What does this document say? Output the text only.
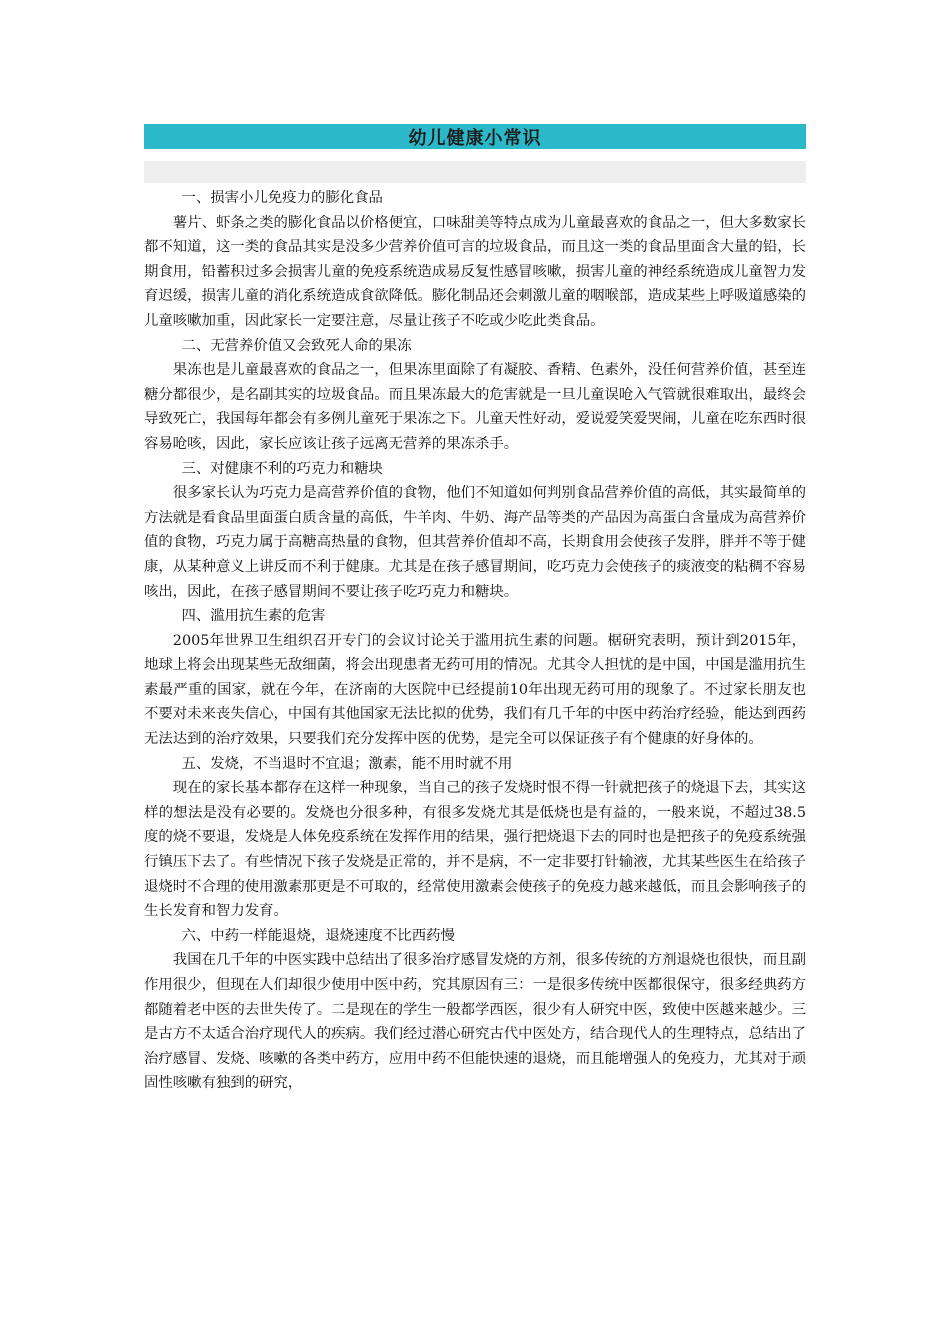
幼儿健康小常识

一、损害小儿免疫力的膨化食品

薯片、虾条之类的膨化食品以价格便宜，口味甜美等特点成为儿童最喜欢的食品之一，但大多数家长都不知道，这一类的食品其实是没多少营养价值可言的垃圾食品，而且这一类的食品里面含大量的铅，长期食用，铅蓄积过多会损害儿童的免疫系统造成易反复性感冒咳嗽，损害儿童的神经系统造成儿童智力发育迟缓，损害儿童的消化系统造成食欲降低。膨化制品还会刺激儿童的咽喉部，造成某些上呼吸道感染的儿童咳嗽加重，因此家长一定要注意，尽量让孩子不吃或少吃此类食品。

二、无营养价值又会致死人命的果冻

果冻也是儿童最喜欢的食品之一，但果冻里面除了有凝胶、香精、色素外，没任何营养价值，甚至连糖分都很少，是名副其实的垃圾食品。而且果冻最大的危害就是一旦儿童误呛入气管就很难取出，最终会导致死亡，我国每年都会有多例儿童死于果冻之下。儿童天性好动，爱说爱笑爱哭闹，儿童在吃东西时很容易呛咳，因此，家长应该让孩子远离无营养的果冻杀手。

三、对健康不利的巧克力和糖块

很多家长认为巧克力是高营养价值的食物，他们不知道如何判别食品营养价值的高低，其实最简单的方法就是看食品里面蛋白质含量的高低，牛羊肉、牛奶、海产品等类的产品因为高蛋白含量成为高营养价值的食物，巧克力属于高糖高热量的食物，但其营养价值却不高，长期食用会使孩子发胖，胖并不等于健康，从某种意义上讲反而不利于健康。尤其是在孩子感冒期间，吃巧克力会使孩子的痰液变的粘稠不容易咳出，因此，在孩子感冒期间不要让孩子吃巧克力和糖块。

四、滥用抗生素的危害

2005年世界卫生组织召开专门的会议讨论关于滥用抗生素的问题。椐研究表明，预计到2015年，地球上将会出现某些无敌细菌，将会出现患者无药可用的情况。尤其令人担忧的是中国，中国是滥用抗生素最严重的国家，就在今年，在济南的大医院中已经提前10年出现无药可用的现象了。不过家长朋友也不要对未来丧失信心，中国有其他国家无法比拟的优势，我们有几千年的中医中药治疗经验，能达到西药无法达到的治疗效果，只要我们充分发挥中医的优势，是完全可以保证孩子有个健康的好身体的。

五、发烧，不当退时不宜退；激素，能不用时就不用

现在的家长基本都存在这样一种现象，当自己的孩子发烧时恨不得一针就把孩子的烧退下去，其实这样的想法是没有必要的。发烧也分很多种，有很多发烧尤其是低烧也是有益的，一般来说，不超过38.5度的烧不要退，发烧是人体免疫系统在发挥作用的结果，强行把烧退下去的同时也是把孩子的免疫系统强行镇压下去了。有些情况下孩子发烧是正常的，并不是病，不一定非要打针输液，尤其某些医生在给孩子退烧时不合理的使用激素那更是不可取的，经常使用激素会使孩子的免疫力越来越低，而且会影响孩子的生长发育和智力发育。

六、中药一样能退烧，退烧速度不比西药慢

我国在几千年的中医实践中总结出了很多治疗感冒发烧的方剂，很多传统的方剂退烧也很快，而且副作用很少，但现在人们却很少使用中医中药，究其原因有三：一是很多传统中医都很保守，很多经典药方都随着老中医的去世失传了。二是现在的学生一般都学西医，很少有人研究中医，致使中医越来越少。三是古方不太适合治疗现代人的疾病。我们经过潜心研究古代中医处方，结合现代人的生理特点，总结出了治疗感冒、发烧、咳嗽的各类中药方，应用中药不但能快速的退烧，而且能增强人的免疫力，尤其对于顽固性咳嗽有独到的研究，
